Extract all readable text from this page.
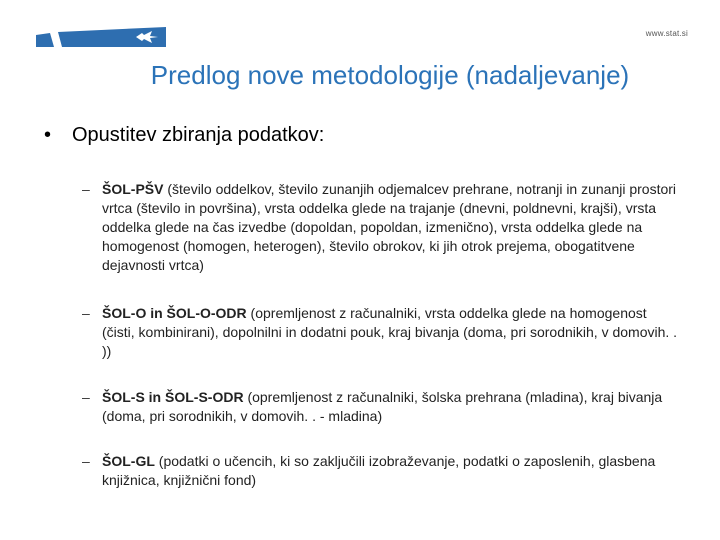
www.stat.si
Predlog nove metodologije (nadaljevanje)
• Opustitev zbiranja podatkov:
– ŠOL-PŠV (število oddelkov, število zunanjih odjemalcev prehrane, notranji in zunanji prostori vrtca (število in površina), vrsta oddelka glede na trajanje (dnevni, poldnevni, krajši), vrsta oddelka glede na čas izvedbe (dopoldan, popoldan, izmenično), vrsta oddelka glede na homogenost (homogen, heterogen), število obrokov, ki jih otrok prejema, obogatitvene dejavnosti vrtca)
– ŠOL-O in ŠOL-O-ODR (opremljenost z računalniki, vrsta oddelka glede na homogenost (čisti, kombinirani), dopolnilni in dodatni pouk, kraj bivanja (doma, pri sorodnikih, v domovih. . ))
– ŠOL-S in ŠOL-S-ODR (opremljenost z računalniki, šolska prehrana (mladina), kraj bivanja (doma, pri sorodnikih, v domovih. . - mladina)
– ŠOL-GL (podatki o učencih, ki so zaključili izobraževanje, podatki o zaposlenih, glasbena knjižnica, knjižnični fond)
